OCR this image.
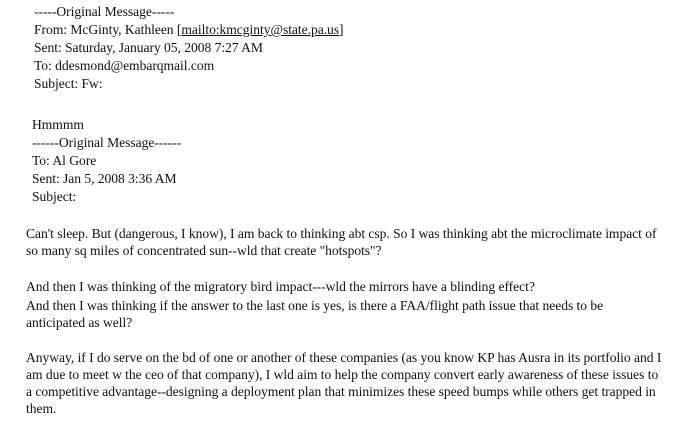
-----Original Message-----
From: McGinty, Kathleen [mailto:kmcginty@state.pa.us]
Sent: Saturday, January 05, 2008 7:27 AM
To: ddesmond@embarqmail.com
Subject: Fw:
Hmmmm
------Original Message------
To: Al Gore
Sent: Jan 5, 2008 3:36 AM
Subject:
Can't sleep. But (dangerous, I know), I am back to thinking abt csp. So I was thinking abt the microclimate impact of
so many sq miles of concentrated sun--wld that create "hotspots"?
And then I was thinking of the migratory bird impact---wld the mirrors have a blinding effect?
And then I was thinking if the answer to the last one is yes, is there a FAA/flight path issue that needs to be
anticipated as well?
Anyway, if I do serve on the bd of one or another of these companies (as you know KP has Ausra in its portfolio and I
am due to meet w the ceo of that company), I wld aim to help the company convert early awareness of these issues to
a competitive advantage--designing a deployment plan that minimizes these speed bumps while others get trapped in
them.
